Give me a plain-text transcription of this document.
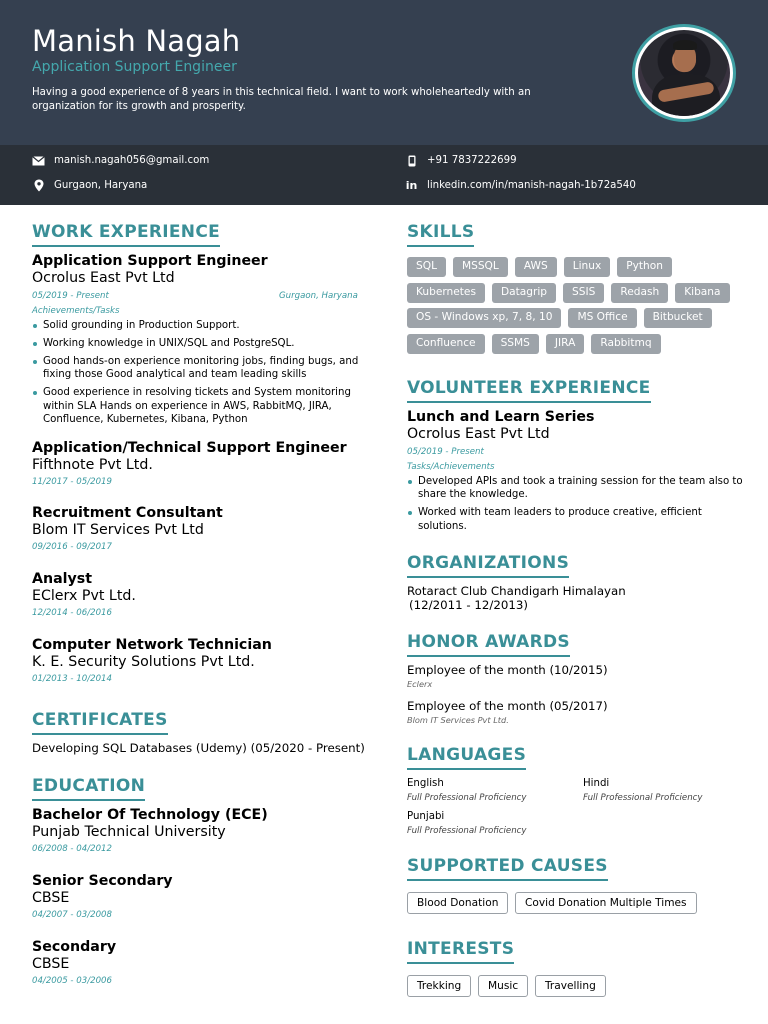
Manish Nagah
Application Support Engineer
Having a good experience of 8 years in this technical field. I want to work wholeheartedly with an organization for its growth and prosperity.
manish.nagah056@gmail.com	+91 7837222699
Gurgaon, Haryana	in linkedin.com/in/manish-nagah-1b72a540
WORK EXPERIENCE
Application Support Engineer
Ocrolus East Pvt Ltd
05/2019 - Present	Gurgaon, Haryana
Achievements/Tasks
Solid grounding in Production Support.
Working knowledge in UNIX/SQL and PostgreSQL.
Good hands-on experience monitoring jobs, finding bugs, and fixing those Good analytical and team leading skills
Good experience in resolving tickets and System monitoring within SLA Hands on experience in AWS, RabbitMQ, JIRA, Confluence, Kubernetes, Kibana, Python
Application/Technical Support Engineer
Fifthnote Pvt Ltd.
11/2017 - 05/2019
Recruitment Consultant
Blom IT Services Pvt Ltd
09/2016 - 09/2017
Analyst
EClerx Pvt Ltd.
12/2014 - 06/2016
Computer Network Technician
K. E. Security Solutions Pvt Ltd.
01/2013 - 10/2014
CERTIFICATES
Developing SQL Databases (Udemy) (05/2020 - Present)
EDUCATION
Bachelor Of Technology (ECE)
Punjab Technical University
06/2008 - 04/2012
Senior Secondary
CBSE
04/2007 - 03/2008
Secondary
CBSE
04/2005 - 03/2006
SKILLS
SQL	MSSQL	AWS	Linux	Python
Kubernetes	Datagrip	SSIS	Redash	Kibana
OS - Windows xp, 7, 8, 10	MS Office	Bitbucket
Confluence	SSMS	JIRA	Rabbitmq
VOLUNTEER EXPERIENCE
Lunch and Learn Series
Ocrolus East Pvt Ltd
05/2019 - Present
Tasks/Achievements
Developed APIs and took a training session for the team also to share the knowledge.
Worked with team leaders to produce creative, efficient solutions.
ORGANIZATIONS
Rotaract Club Chandigarh Himalayan
(12/2011 - 12/2013)
HONOR AWARDS
Employee of the month (10/2015)
Eclerx
Employee of the month (05/2017)
Blom IT Services Pvt Ltd.
LANGUAGES
English
Full Professional Proficiency
Hindi
Full Professional Proficiency
Punjabi
Full Professional Proficiency
SUPPORTED CAUSES
Blood Donation	Covid Donation Multiple Times
INTERESTS
Trekking	Music	Travelling
